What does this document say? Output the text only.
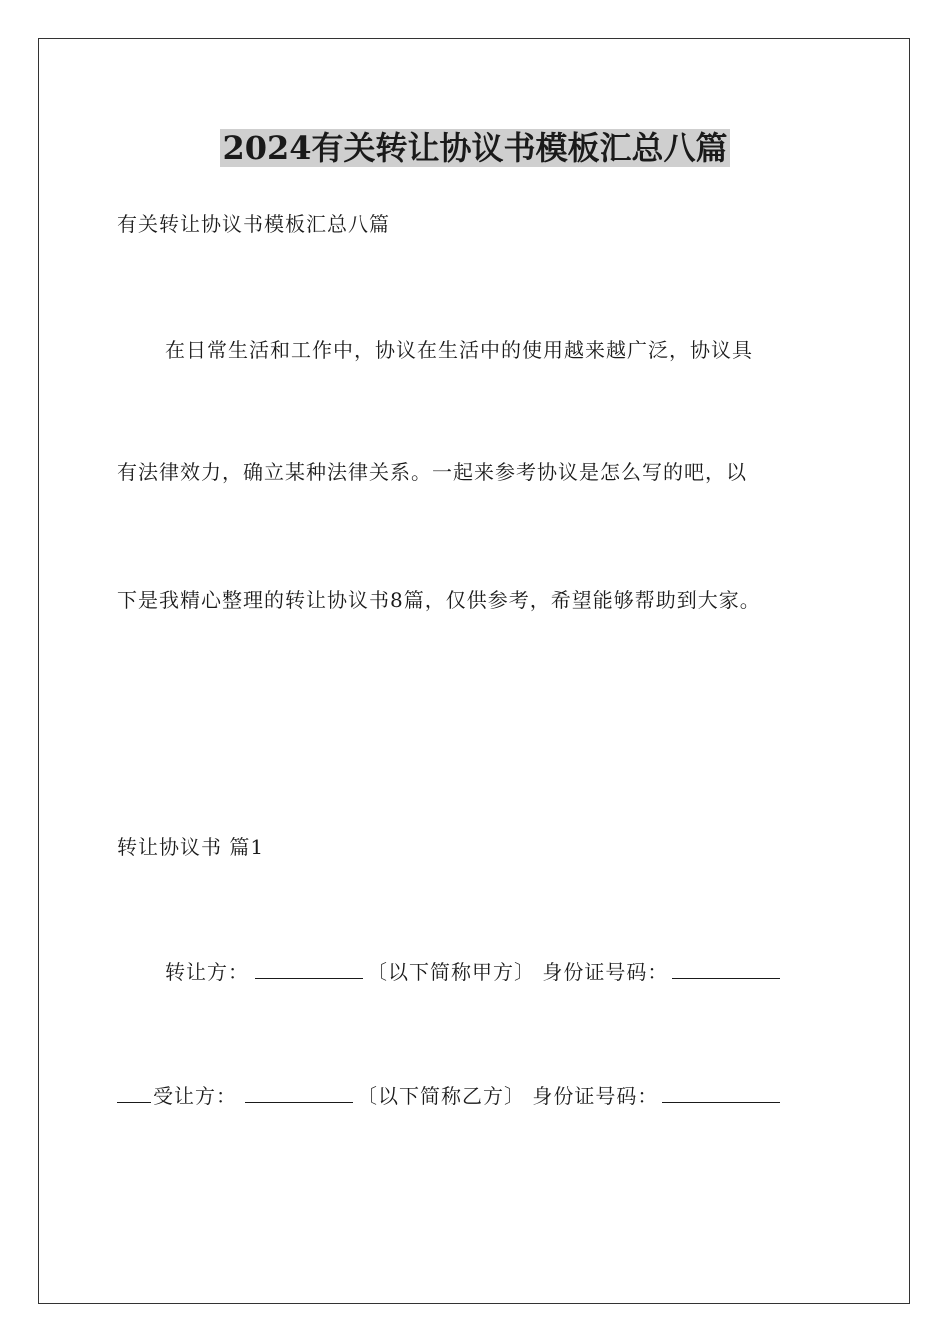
2024有关转让协议书模板汇总八篇
有关转让协议书模板汇总八篇
在日常生活和工作中，协议在生活中的使用越来越广泛，协议具
有法律效力，确立某种法律关系。一起来参考协议是怎么写的吧，以
下是我精心整理的转让协议书8篇，仅供参考，希望能够帮助到大家。
转让协议书 篇1
转让方：	〔以下简称甲方〕 身份证号码：
受让方：	〔以下简称乙方〕 身份证号码：
